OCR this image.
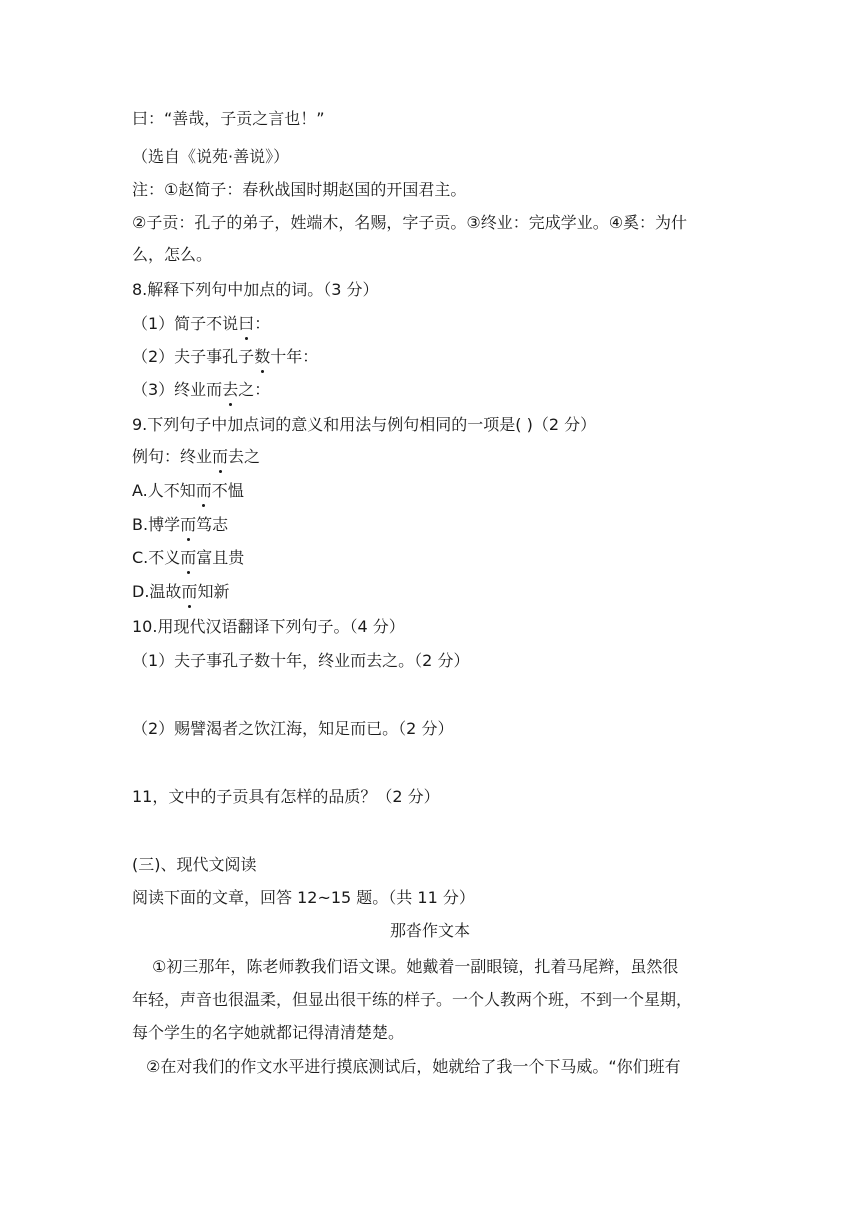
曰：“善哉，子贡之言也！”
（选自《说苑·善说》）
注：①赵简子：春秋战国时期赵国的开国君主。
②子贡：孔子的弟子，姓端木，名赐，字子贡。③终业：完成学业。④奚：为什
么，怎么。
8.解释下列句中加点的词。（3 分）
（1）简子不说曰：
（2）夫子事孔子数十年：
（3）终业而去之：
9.下列句子中加点词的意义和用法与例句相同的一项是( )（2 分）
例句：终业而去之
A.人不知而不愠
B.博学而笃志
C.不义而富且贵
D.温故而知新
10.用现代汉语翻译下列句子。（4 分）
（1）夫子事孔子数十年，终业而去之。（2 分）
（2）赐譬渴者之饮江海，知足而已。（2 分）
11，文中的子贡具有怎样的品质？（2 分）
(三)、现代文阅读
阅读下面的文章，回答 12~15 题。（共 11 分）
那沓作文本
①初三那年，陈老师教我们语文课。她戴着一副眼镜，扎着马尾辫，虽然很
年轻，声音也很温柔，但显出很干练的样子。一个人教两个班，不到一个星期，
每个学生的名字她就都记得清清楚楚。
②在对我们的作文水平进行摸底测试后，她就给了我一个下马威。“你们班有
